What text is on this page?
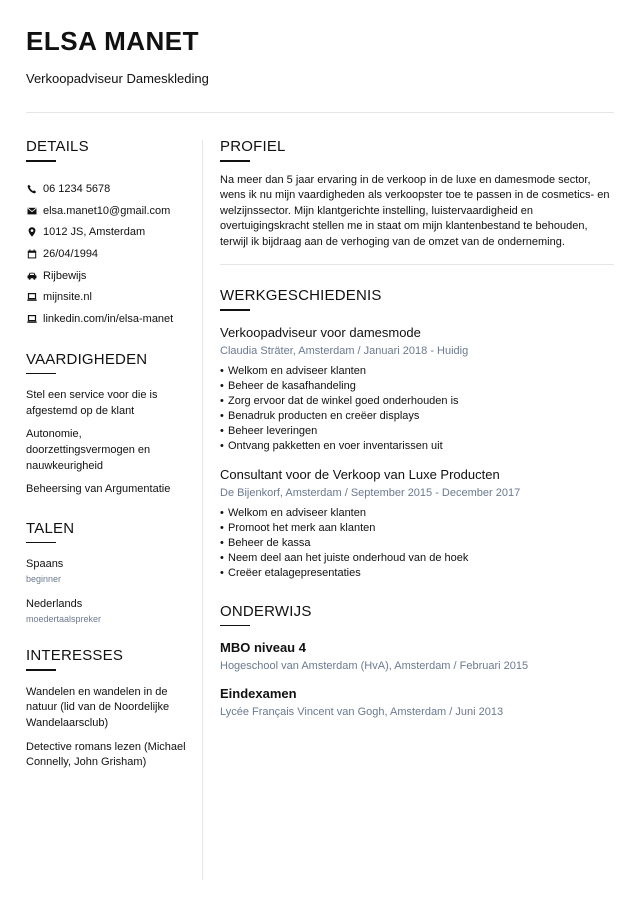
ELSA MANET
Verkoopadviseur Dameskleding
DETAILS
06 1234 5678
elsa.manet10@gmail.com
1012 JS, Amsterdam
26/04/1994
Rijbewijs
mijnsite.nl
linkedin.com/in/elsa-manet
VAARDIGHEDEN
Stel een service voor die is afgestemd op de klant
Autonomie, doorzettingsvermogen en nauwkeurigheid
Beheersing van Argumentatie
TALEN
Spaans
beginner
Nederlands
moedertaalspreker
INTERESSES
Wandelen en wandelen in de natuur (lid van de Noordelijke Wandelaarsclub)
Detective romans lezen (Michael Connelly, John Grisham)
PROFIEL
Na meer dan 5 jaar ervaring in de verkoop in de luxe en damesmode sector, wens ik nu mijn vaardigheden als verkoopster toe te passen in de cosmetics- en welzijnssector. Mijn klantgerichte instelling, luistervaardigheid en overtuigingskracht stellen me in staat om mijn klantenbestand te behouden, terwijl ik bijdraag aan de verhoging van de omzet van de onderneming.
WERKGESCHIEDENIS
Verkoopadviseur voor damesmode
Claudia Sträter, Amsterdam / Januari 2018 - Huidig
• Welkom en adviseer klanten
• Beheer de kasafhandeling
• Zorg ervoor dat de winkel goed onderhouden is
• Benadruk producten en creëer displays
• Beheer leveringen
• Ontvang pakketten en voer inventarissen uit
Consultant voor de Verkoop van Luxe Producten
De Bijenkorf, Amsterdam / September 2015 - December 2017
• Welkom en adviseer klanten
• Promoot het merk aan klanten
• Beheer de kassa
• Neem deel aan het juiste onderhoud van de hoek
• Creëer etalagepresentaties
ONDERWIJS
MBO niveau 4
Hogeschool van Amsterdam (HvA), Amsterdam / Februari 2015
Eindexamen
Lycée Français Vincent van Gogh, Amsterdam / Juni 2013
